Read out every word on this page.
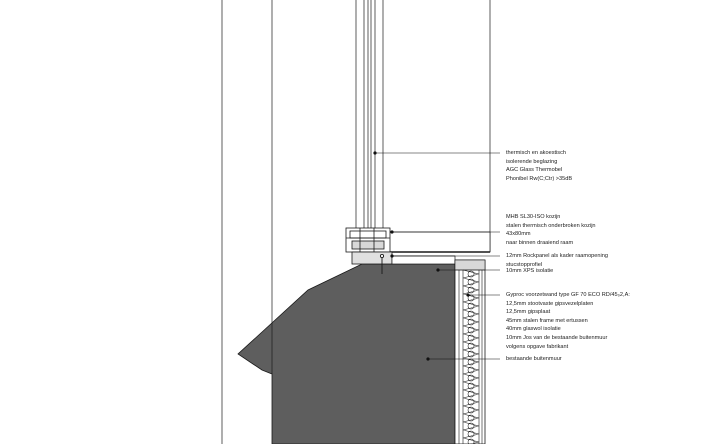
thermisch en akoestisch
isolerende beglazing
AGC Glass Thermobel
Phonibel Rᴡ(C;Ctr) >35dB
MHB SL30-ISO kozijn
stalen thermisch onderbroken kozijn
43x80mm
naar binnen draaiend raam
12mm Rockpanel als kader raamopening
stucstopprofiel
10mm XPS isolatie
Gyproc voorzetwand type GF 70 ECO RD/45₀2,A:
12,5mm stootvaste gipsvezelplaten
12,5mm gipsplaat
45mm stalen frame met ertussen
40mm glaswol isolatie
10mm Jos van de bestaande buitenmuur
volgens opgave fabrikant
bestaande buitenmuur
